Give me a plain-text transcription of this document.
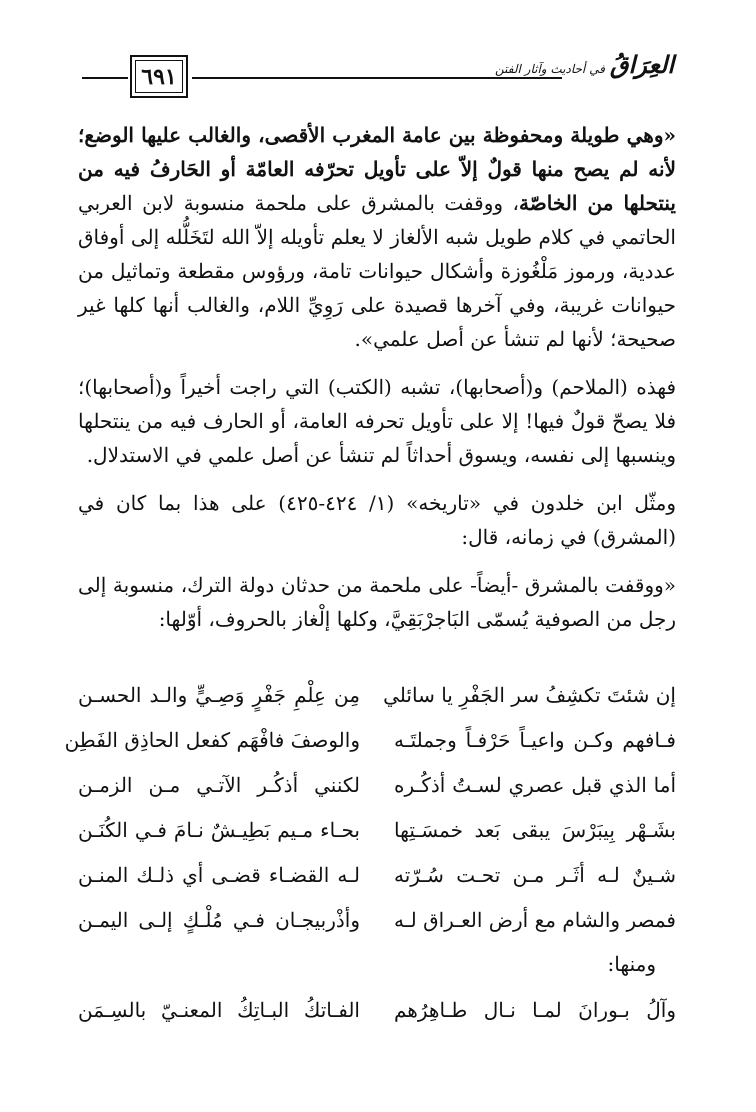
٦٩١	العِرَاقُ في أحاديث وآثار الفتن

«وهي طويلة ومحفوظة بين عامة المغرب الأقصى، والغالب عليها الوضع؛ لأنه لم يصح منها قولٌ إلاّ على تأويل تحرّفه العامّة أو الحَارفُ فيه من ينتحلها من الخاصّة، ووقفت بالمشرق على ملحمة منسوبة لابن العربي الحاتمي في كلام طويل شبه الألغاز لا يعلم تأويله إلاّ الله لتَخَلُّله إلى أوفاق عددية، ورموز مَلْغُوزة وأشكال حيوانات تامة، ورؤوس مقطعة وتماثيل من حيوانات غريبة، وفي آخرها قصيدة على رَوِيِّ اللام، والغالب أنها كلها غير صحيحة؛ لأنها لم تنشأ عن أصل علمي».

فهذه (الملاحم) و(أصحابها)، تشبه (الكتب) التي راجت أخيراً و(أصحابها)؛ فلا يصحّ قولٌ فيها! إلا على تأويل تحرفه العامة، أو الحارف فيه من ينتحلها وينسبها إلى نفسه، ويسوق أحداثاً لم تنشأ عن أصل علمي في الاستدلال.

ومثّل ابن خلدون في «تاريخه» (١/ ٤٢٤-٤٢٥) على هذا بما كان في (المشرق) في زمانه، قال:

«ووقفت بالمشرق -أيضاً- على ملحمة من حدثان دولة الترك، منسوبة إلى رجل من الصوفية يُسمّى البَاجرْبَقِيَّ، وكلها إلْغاز بالحروف، أوّلها:

إن شئتَ تكشِفُ سر الجَفْرِ يا سائلي
مِن عِلْمِ جَفْرٍ وَصِـيٍّ والـد الحسـن
فـافهم وكـن واعيـاً حَرْفـاً وجملتَـه
والوصفَ فافْهَم كفعل الحاذِق الفَطِن
أما الذي قبل عصري لسـتُ أذكُـره
لكنني أذكُـر الآتـي مـن الزمـن
بشَـهْر بِيبَرْسَ يبقى بَعد خمسَـتِها
بحـاء مـيم بَطِيـشٌ نـامَ فـي الكُنَـن
شـينٌ لـه أثَـر مـن تحـت سُـرّته
لـه القضـاء قضـى أي ذلـك المنـن
فمصر والشام مع أرض العـراق لـه
وأذْربيجـان فـي مُلْـكٍ إلـى اليمـن
ومنها:
وآلُ بـورانَ لمـا نـال طـاهِرُهم
الفـاتكُ البـاتِكُ المعنـيّ بالسِـمَن
